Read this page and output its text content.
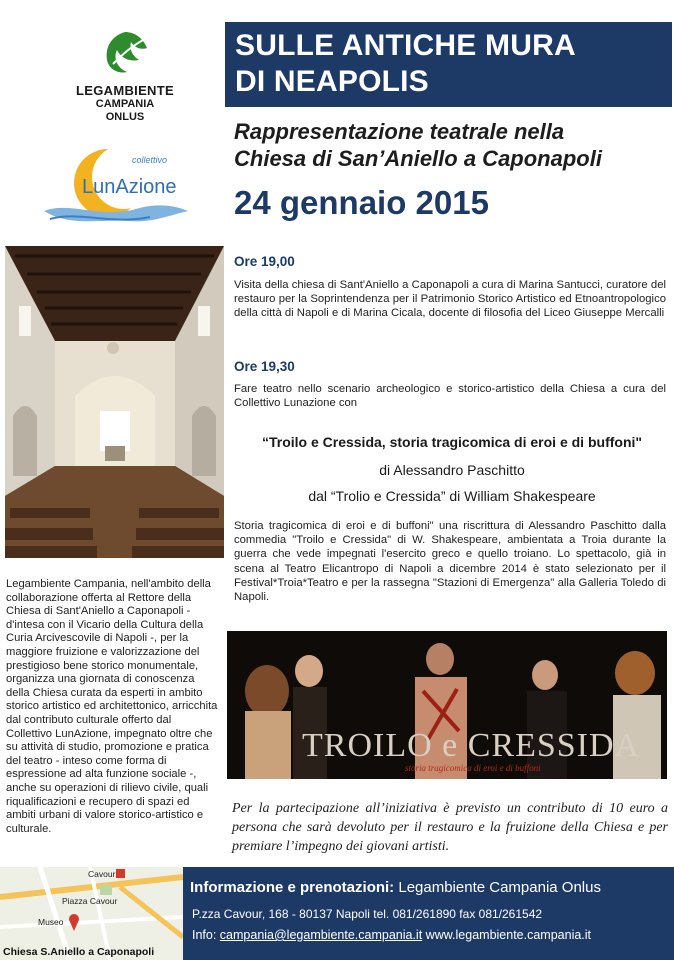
LEGAMBIENTE
CAMPANIA
ONLUS
collettivo
LunAzione
SULLE ANTICHE MURA
DI NEAPOLIS
Rappresentazione teatrale nella
Chiesa di San’Aniello a Caponapoli
24 gennaio 2015
Legambiente Campania, nell'ambito della collaborazione offerta al Rettore della Chiesa di Sant'Aniello a Caponapoli - d'intesa con il Vicario della Cultura della Curia Arcivescovile di Napoli -, per la maggiore fruizione e valorizzazione del prestigioso bene storico monumentale, organizza una giornata di conoscenza della Chiesa curata da esperti in ambito storico artistico ed architettonico, arricchita dal contributo culturale offerto dal Collettivo LunAzione, impegnato oltre che su attività di studio, promozione e pratica del teatro - inteso come forma di espressione ad alta funzione sociale -, anche su operazioni di rilievo civile, quali riqualificazioni e recupero di spazi ed ambiti urbani di valore storico-artistico e culturale.
Ore 19,00
Visita della chiesa di Sant'Aniello a Caponapoli a cura di Marina Santucci, curatore del restauro per la Soprintendenza per il Patrimonio Storico Artistico ed Etnoantropologico della città di Napoli e di Marina Cicala, docente di filosofia del Liceo Giuseppe Mercalli
Ore 19,30
Fare teatro nello scenario archeologico e storico-artistico della Chiesa a cura del Collettivo Lunazione con
“Troilo e Cressida, storia tragicomica di eroi e di buffoni"
di Alessandro Paschitto
dal “Trolio e Cressida” di William Shakespeare
Storia tragicomica di eroi e di buffoni" una riscrittura di Alessandro Paschitto dalla commedia "Troilo e Cressida" di W. Shakespeare, ambientata a Troia durante la guerra che vede impegnati l'esercito greco e quello troiano. Lo spettacolo, già in scena al Teatro Elicantropo di Napoli a dicembre 2014 è stato selezionato per il Festival*Troia*Teatro e per la rassegna "Stazioni di Emergenza" alla Galleria Toledo di Napoli.
TROILO e CRESSIDA
storia tragicomica di eroi e di buffoni
Per la partecipazione all’iniziativa è previsto un contributo di 10 euro a persona che sarà devoluto per il restauro e la fruizione della Chiesa e per premiare l’impegno dei giovani artisti.
Cavour
Piazza Cavour
Museo
Chiesa S.Aniello a Caponapoli
Informazione e prenotazioni: Legambiente Campania Onlus
P.zza Cavour, 168 - 80137 Napoli tel. 081/261890 fax 081/261542
Info: campania@legambiente.campania.it www.legambiente.campania.it
